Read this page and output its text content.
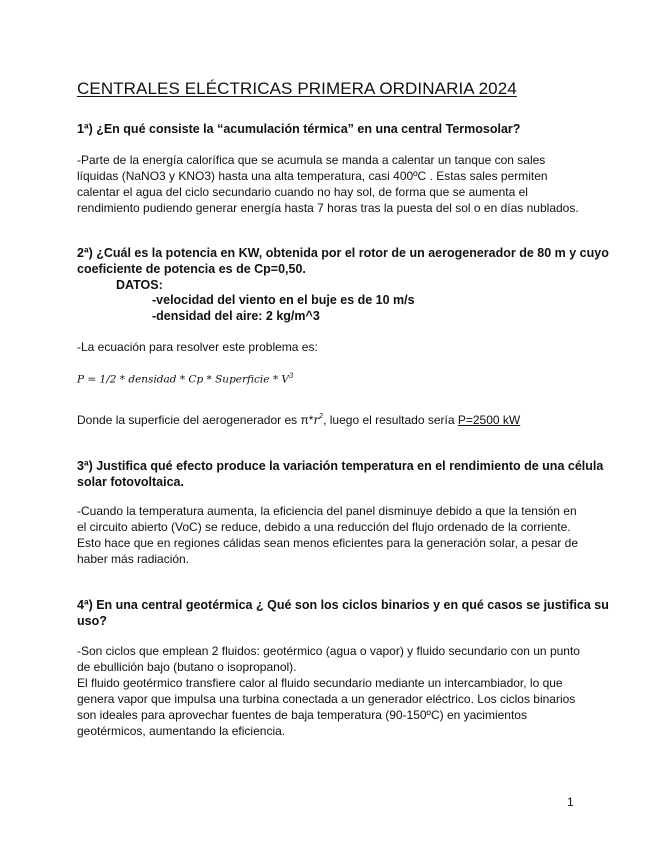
CENTRALES ELÉCTRICAS PRIMERA ORDINARIA 2024
1ª) ¿En qué consiste la “acumulación térmica” en una central Termosolar?
-Parte de la energía calorífica que se acumula se manda a calentar un tanque con sales
líquidas (NaNO3 y KNO3) hasta una alta temperatura, casi 400ºC . Estas sales permiten
calentar el agua del ciclo secundario cuando no hay sol, de forma que se aumenta el
rendimiento pudiendo generar energía hasta 7 horas tras la puesta del sol o en días nublados.
2ª) ¿Cuál es la potencia en KW, obtenida por el rotor de un aerogenerador de 80 m y cuyo
coeficiente de potencia es de Cp=0,50.
DATOS:
-velocidad del viento en el buje es de 10 m/s
-densidad del aire: 2 kg/m^3
-La ecuación para resolver este problema es:
P = 1/2 * densidad * Cp * Superficie * $V^3$
Donde la superficie del aerogenerador es $\pi*r^2$, luego el resultado sería P=2500 kW
3ª) Justifica qué efecto produce la variación temperatura en el rendimiento de una célula
solar fotovoltaica.
-Cuando la temperatura aumenta, la eficiencia del panel disminuye debido a que la tensión en
el circuito abierto (VoC) se reduce, debido a una reducción del flujo ordenado de la corriente.
Esto hace que en regiones cálidas sean menos eficientes para la generación solar, a pesar de
haber más radiación.
4ª) En una central geotérmica ¿ Qué son los ciclos binarios y en qué casos se justifica su
uso?
-Son ciclos que emplean 2 fluidos: geotérmico (agua o vapor) y fluido secundario con un punto
de ebullición bajo (butano o isopropanol).
El fluido geotérmico transfiere calor al fluido secundario mediante un intercambiador, lo que
genera vapor que impulsa una turbina conectada a un generador eléctrico. Los ciclos binarios
son ideales para aprovechar fuentes de baja temperatura (90-150ºC) en yacimientos
geotérmicos, aumentando la eficiencia.
1
